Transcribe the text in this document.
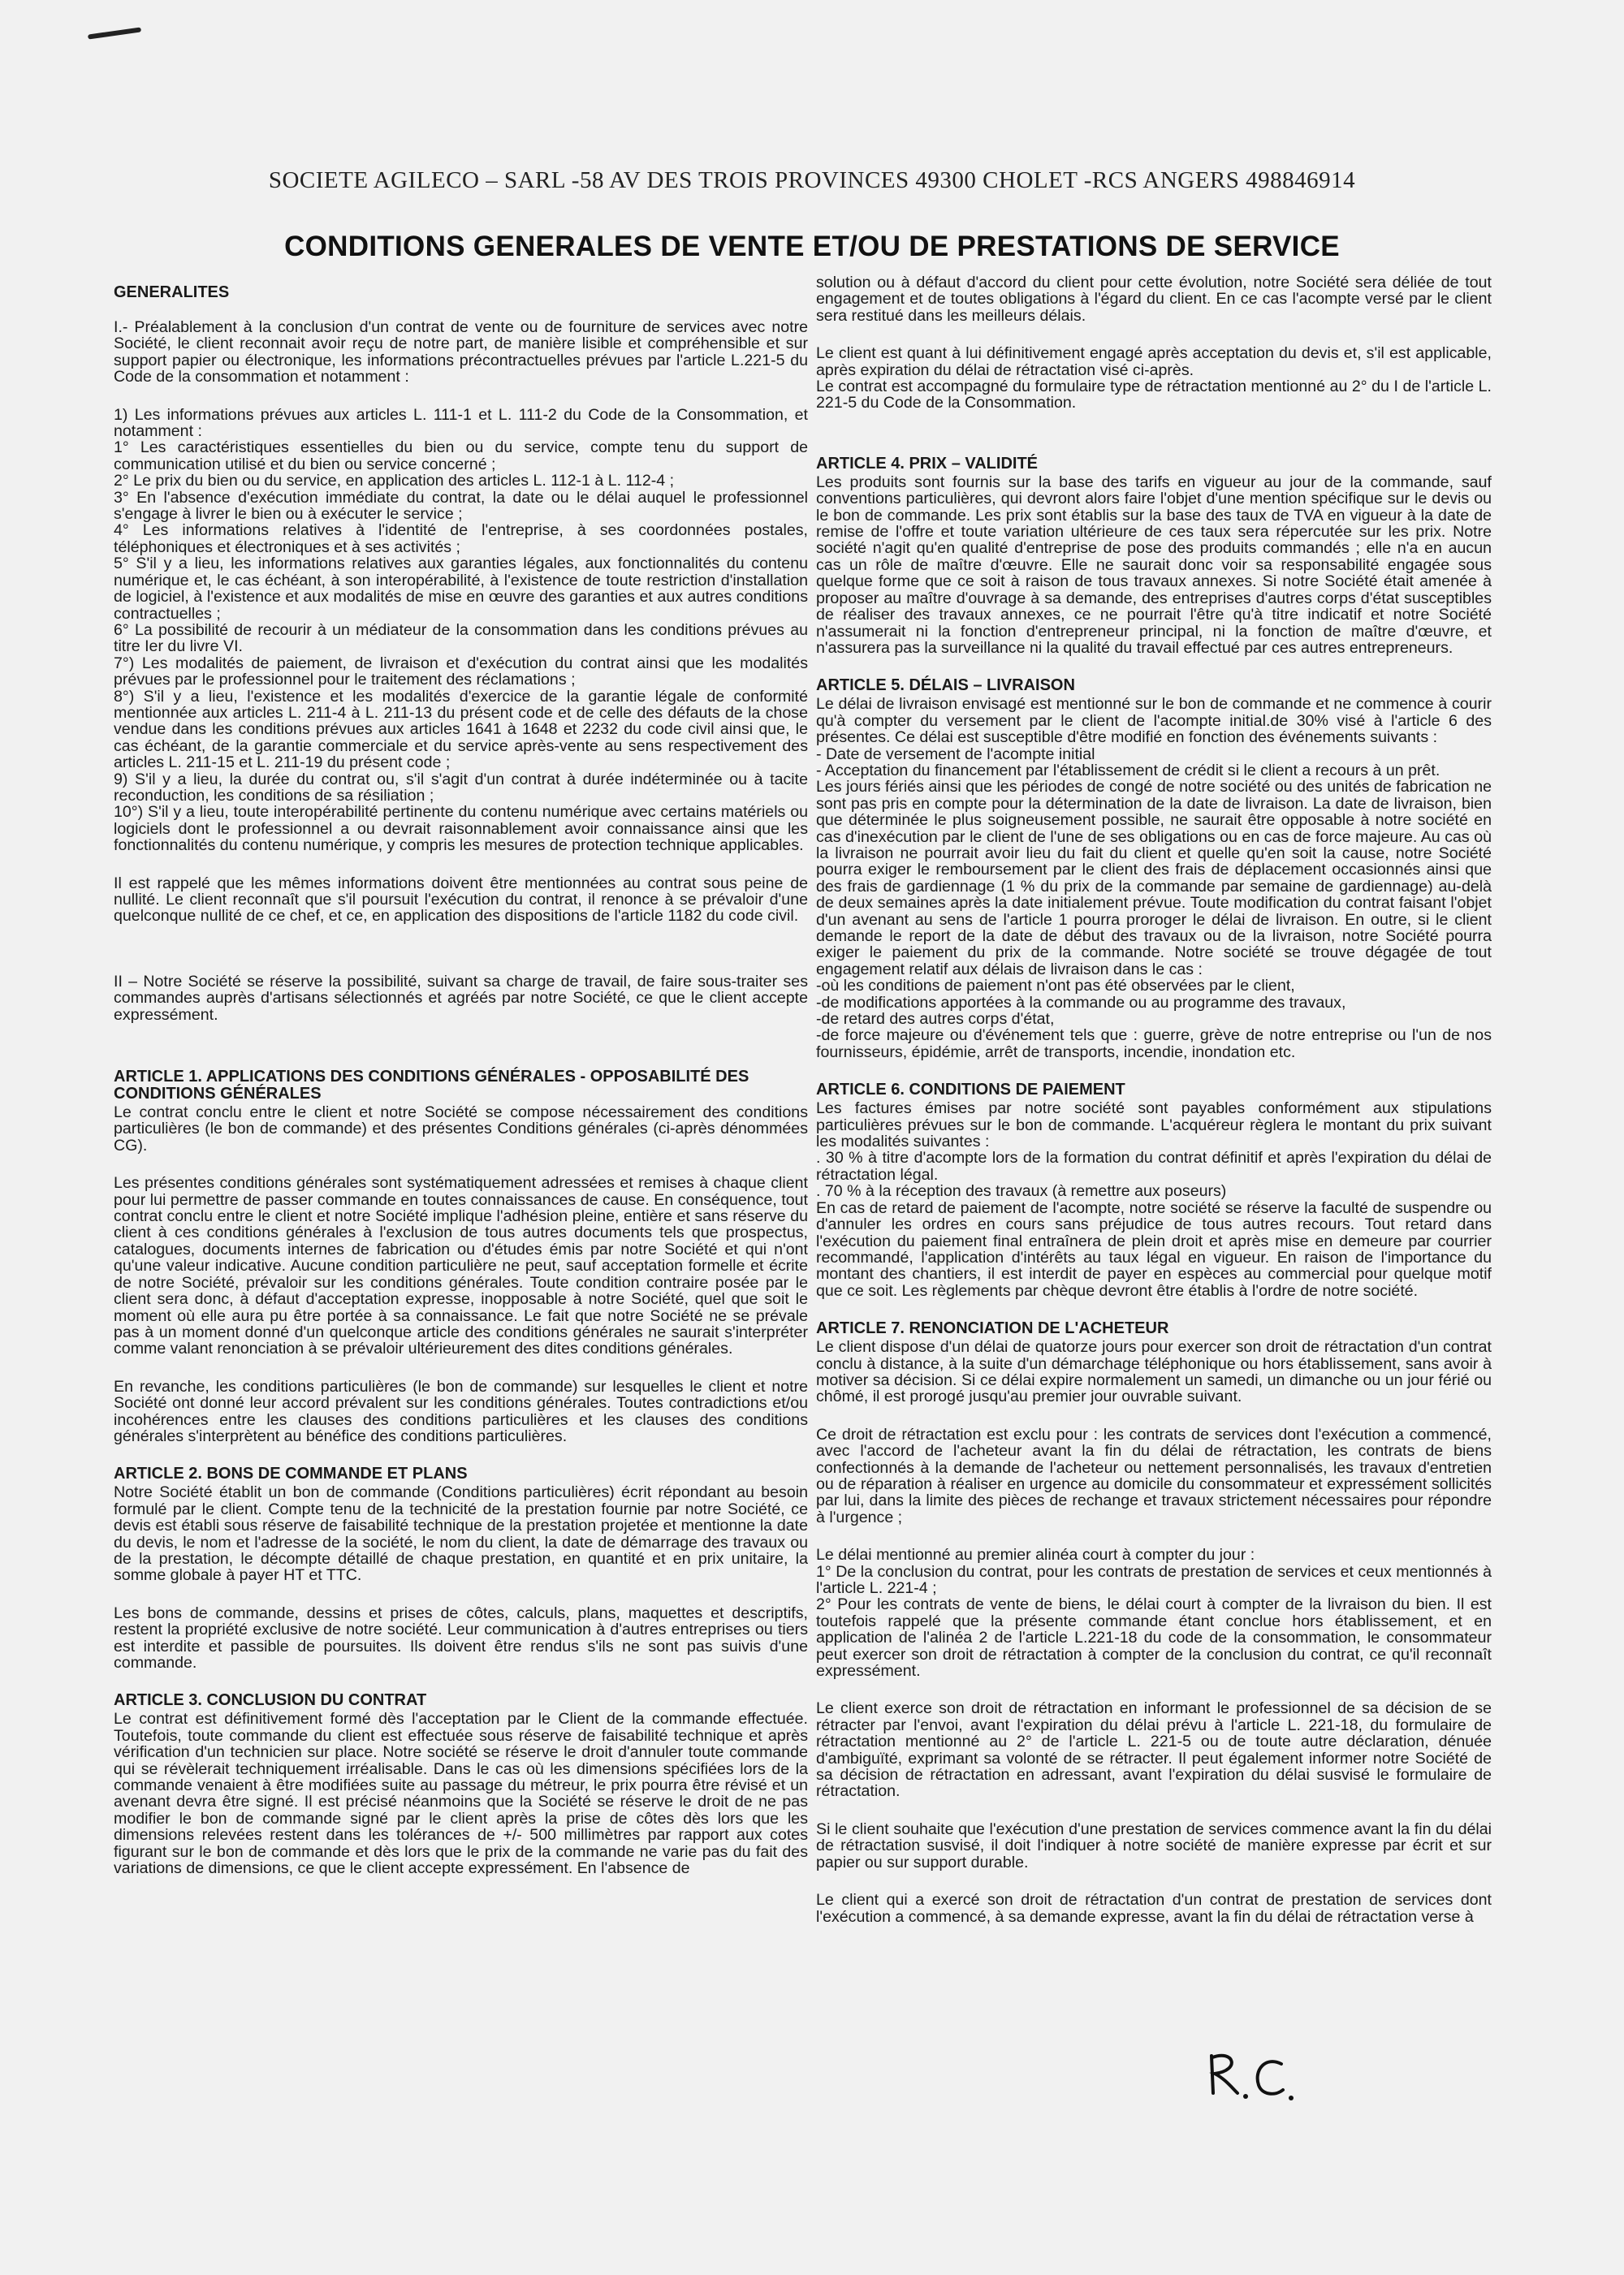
SOCIETE AGILECO – SARL -58 AV DES TROIS PROVINCES 49300 CHOLET -RCS ANGERS 498846914
CONDITIONS GENERALES DE VENTE ET/OU DE PRESTATIONS DE SERVICE
GENERALITES

I.- Préalablement à la conclusion d'un contrat de vente ou de fourniture de services avec notre Société, le client reconnait avoir reçu de notre part, de manière lisible et compréhensible et sur support papier ou électronique, les informations précontractuelles prévues par l'article L.221-5 du Code de la consommation et notamment :

1) Les informations prévues aux articles L. 111-1 et L. 111-2 du Code de la Consommation, et notamment :
1° Les caractéristiques essentielles du bien ou du service, compte tenu du support de communication utilisé et du bien ou service concerné ;
2° Le prix du bien ou du service, en application des articles L. 112-1 à L. 112-4 ;
3° En l'absence d'exécution immédiate du contrat, la date ou le délai auquel le professionnel s'engage à livrer le bien ou à exécuter le service ;
4° Les informations relatives à l'identité de l'entreprise, à ses coordonnées postales, téléphoniques et électroniques et à ses activités ;
5° S'il y a lieu, les informations relatives aux garanties légales, aux fonctionnalités du contenu numérique et, le cas échéant, à son interopérabilité, à l'existence de toute restriction d'installation de logiciel, à l'existence et aux modalités de mise en œuvre des garanties et aux autres conditions contractuelles ;
6° La possibilité de recourir à un médiateur de la consommation dans les conditions prévues au titre Ier du livre VI.
7°) Les modalités de paiement, de livraison et d'exécution du contrat ainsi que les modalités prévues par le professionnel pour le traitement des réclamations ;
8°) S'il y a lieu, l'existence et les modalités d'exercice de la garantie légale de conformité mentionnée aux articles L. 211-4 à L. 211-13 du présent code et de celle des défauts de la chose vendue dans les conditions prévues aux articles 1641 à 1648 et 2232 du code civil ainsi que, le cas échéant, de la garantie commerciale et du service après-vente au sens respectivement des articles L. 211-15 et L. 211-19 du présent code ;
9) S'il y a lieu, la durée du contrat ou, s'il s'agit d'un contrat à durée indéterminée ou à tacite reconduction, les conditions de sa résiliation ;
10°) S'il y a lieu, toute interopérabilité pertinente du contenu numérique avec certains matériels ou logiciels dont le professionnel a ou devrait raisonnablement avoir connaissance ainsi que les fonctionnalités du contenu numérique, y compris les mesures de protection technique applicables.

Il est rappelé que les mêmes informations doivent être mentionnées au contrat sous peine de nullité. Le client reconnaît que s'il poursuit l'exécution du contrat, il renonce à se prévaloir d'une quelconque nullité de ce chef, et ce, en application des dispositions de l'article 1182 du code civil.

II – Notre Société se réserve la possibilité, suivant sa charge de travail, de faire sous-traiter ses commandes auprès d'artisans sélectionnés et agréés par notre Société, ce que le client accepte expressément.

ARTICLE 1. APPLICATIONS DES CONDITIONS GÉNÉRALES - OPPOSABILITÉ DES CONDITIONS GÉNÉRALES

Le contrat conclu entre le client et notre Société se compose nécessairement des conditions particulières (le bon de commande) et des présentes Conditions générales (ci-après dénommées CG).

Les présentes conditions générales sont systématiquement adressées et remises à chaque client pour lui permettre de passer commande en toutes connaissances de cause. En conséquence, tout contrat conclu entre le client et notre Société implique l'adhésion pleine, entière et sans réserve du client à ces conditions générales à l'exclusion de tous autres documents tels que prospectus, catalogues, documents internes de fabrication ou d'études émis par notre Société et qui n'ont qu'une valeur indicative. Aucune condition particulière ne peut, sauf acceptation formelle et écrite de notre Société, prévaloir sur les conditions générales. Toute condition contraire posée par le client sera donc, à défaut d'acceptation expresse, inopposable à notre Société, quel que soit le moment où elle aura pu être portée à sa connaissance. Le fait que notre Société ne se prévale pas à un moment donné d'un quelconque article des conditions générales ne saurait s'interpréter comme valant renonciation à se prévaloir ultérieurement des dites conditions générales.

En revanche, les conditions particulières (le bon de commande) sur lesquelles le client et notre Société ont donné leur accord prévalent sur les conditions générales. Toutes contradictions et/ou incohérences entre les clauses des conditions particulières et les clauses des conditions générales s'interprètent au bénéfice des conditions particulières.

ARTICLE 2. BONS DE COMMANDE ET PLANS

Notre Société établit un bon de commande (Conditions particulières) écrit répondant au besoin formulé par le client. Compte tenu de la technicité de la prestation fournie par notre Société, ce devis est établi sous réserve de faisabilité technique de la prestation projetée et mentionne la date du devis, le nom et l'adresse de la société, le nom du client, la date de démarrage des travaux ou de la prestation, le décompte détaillé de chaque prestation, en quantité et en prix unitaire, la somme globale à payer HT et TTC.

Les bons de commande, dessins et prises de côtes, calculs, plans, maquettes et descriptifs, restent la propriété exclusive de notre société. Leur communication à d'autres entreprises ou tiers est interdite et passible de poursuites. Ils doivent être rendus s'ils ne sont pas suivis d'une commande.

ARTICLE 3. CONCLUSION DU CONTRAT

Le contrat est définitivement formé dès l'acceptation par le Client de la commande effectuée. Toutefois, toute commande du client est effectuée sous réserve de faisabilité technique et après vérification d'un technicien sur place. Notre société se réserve le droit d'annuler toute commande qui se révèlerait techniquement irréalisable. Dans le cas où les dimensions spécifiées lors de la commande venaient à être modifiées suite au passage du métreur, le prix pourra être révisé et un avenant devra être signé. Il est précisé néanmoins que la Société se réserve le droit de ne pas modifier le bon de commande signé par le client après la prise de côtes dès lors que les dimensions relevées restent dans les tolérances de +/- 500 millimètres par rapport aux cotes figurant sur le bon de commande et dès lors que le prix de la commande ne varie pas du fait des variations de dimensions, ce que le client accepte expressément. En l'absence de

solution ou à défaut d'accord du client pour cette évolution, notre Société sera déliée de tout engagement et de toutes obligations à l'égard du client. En ce cas l'acompte versé par le client sera restitué dans les meilleurs délais.

Le client est quant à lui définitivement engagé après acceptation du devis et, s'il est applicable, après expiration du délai de rétractation visé ci-après.
Le contrat est accompagné du formulaire type de rétractation mentionné au 2° du I de l'article L. 221-5 du Code de la Consommation.

ARTICLE 4. PRIX – VALIDITÉ

Les produits sont fournis sur la base des tarifs en vigueur au jour de la commande, sauf conventions particulières, qui devront alors faire l'objet d'une mention spécifique sur le devis ou le bon de commande. Les prix sont établis sur la base des taux de TVA en vigueur à la date de remise de l'offre et toute variation ultérieure de ces taux sera répercutée sur les prix. Notre société n'agit qu'en qualité d'entreprise de pose des produits commandés ; elle n'a en aucun cas un rôle de maître d'œuvre. Elle ne saurait donc voir sa responsabilité engagée sous quelque forme que ce soit à raison de tous travaux annexes. Si notre Société était amenée à proposer au maître d'ouvrage à sa demande, des entreprises d'autres corps d'état susceptibles de réaliser des travaux annexes, ce ne pourrait l'être qu'à titre indicatif et notre Société n'assumerait ni la fonction d'entrepreneur principal, ni la fonction de maître d'œuvre, et n'assurera pas la surveillance ni la qualité du travail effectué par ces autres entrepreneurs.

ARTICLE 5. DÉLAIS – LIVRAISON

Le délai de livraison envisagé est mentionné sur le bon de commande et ne commence à courir qu'à compter du versement par le client de l'acompte initial.de 30% visé à l'article 6 des présentes. Ce délai est susceptible d'être modifié en fonction des événements suivants :
- Date de versement de l'acompte initial
- Acceptation du financement par l'établissement de crédit si le client a recours à un prêt.
Les jours fériés ainsi que les périodes de congé de notre société ou des unités de fabrication ne sont pas pris en compte pour la détermination de la date de livraison. La date de livraison, bien que déterminée le plus soigneusement possible, ne saurait être opposable à notre société en cas d'inexécution par le client de l'une de ses obligations ou en cas de force majeure. Au cas où la livraison ne pourrait avoir lieu du fait du client et quelle qu'en soit la cause, notre Société pourra exiger le remboursement par le client des frais de déplacement occasionnés ainsi que des frais de gardiennage (1 % du prix de la commande par semaine de gardiennage) au-delà de deux semaines après la date initialement prévue. Toute modification du contrat faisant l'objet d'un avenant au sens de l'article 1 pourra proroger le délai de livraison. En outre, si le client demande le report de la date de début des travaux ou de la livraison, notre Société pourra exiger le paiement du prix de la commande. Notre société se trouve dégagée de tout engagement relatif aux délais de livraison dans le cas :
-où les conditions de paiement n'ont pas été observées par le client,
-de modifications apportées à la commande ou au programme des travaux,
-de retard des autres corps d'état,
-de force majeure ou d'événement tels que : guerre, grève de notre entreprise ou l'un de nos fournisseurs, épidémie, arrêt de transports, incendie, inondation etc.

ARTICLE 6. CONDITIONS DE PAIEMENT

Les factures émises par notre société sont payables conformément aux stipulations particulières prévues sur le bon de commande. L'acquéreur règlera le montant du prix suivant les modalités suivantes :
. 30 % à titre d'acompte lors de la formation du contrat définitif et après l'expiration du délai de rétractation légal.
. 70 % à la réception des travaux (à remettre aux poseurs)
En cas de retard de paiement de l'acompte, notre société se réserve la faculté de suspendre ou d'annuler les ordres en cours sans préjudice de tous autres recours. Tout retard dans l'exécution du paiement final entraînera de plein droit et après mise en demeure par courrier recommandé, l'application d'intérêts au taux légal en vigueur. En raison de l'importance du montant des chantiers, il est interdit de payer en espèces au commercial pour quelque motif que ce soit. Les règlements par chèque devront être établis à l'ordre de notre société.

ARTICLE 7. RENONCIATION DE L'ACHETEUR

Le client dispose d'un délai de quatorze jours pour exercer son droit de rétractation d'un contrat conclu à distance, à la suite d'un démarchage téléphonique ou hors établissement, sans avoir à motiver sa décision. Si ce délai expire normalement un samedi, un dimanche ou un jour férié ou chômé, il est prorogé jusqu'au premier jour ouvrable suivant.

Ce droit de rétractation est exclu pour : les contrats de services dont l'exécution a commencé, avec l'accord de l'acheteur avant la fin du délai de rétractation, les contrats de biens confectionnés à la demande de l'acheteur ou nettement personnalisés, les travaux d'entretien ou de réparation à réaliser en urgence au domicile du consommateur et expressément sollicités par lui, dans la limite des pièces de rechange et travaux strictement nécessaires pour répondre à l'urgence ;

Le délai mentionné au premier alinéa court à compter du jour :
1° De la conclusion du contrat, pour les contrats de prestation de services et ceux mentionnés à l'article L. 221-4 ;
2° Pour les contrats de vente de biens, le délai court à compter de la livraison du bien. Il est toutefois rappelé que la présente commande étant conclue hors établissement, et en application de l'alinéa 2 de l'article L.221-18 du code de la consommation, le consommateur peut exercer son droit de rétractation à compter de la conclusion du contrat, ce qu'il reconnaît expressément.

Le client exerce son droit de rétractation en informant le professionnel de sa décision de se rétracter par l'envoi, avant l'expiration du délai prévu à l'article L. 221-18, du formulaire de rétractation mentionné au 2° de l'article L. 221-5 ou de toute autre déclaration, dénuée d'ambiguïté, exprimant sa volonté de se rétracter. Il peut également informer notre Société de sa décision de rétractation en adressant, avant l'expiration du délai susvisé le formulaire de rétractation.

Si le client souhaite que l'exécution d'une prestation de services commence avant la fin du délai de rétractation susvisé, il doit l'indiquer à notre société de manière expresse par écrit et sur papier ou sur support durable.

Le client qui a exercé son droit de rétractation d'un contrat de prestation de services dont l'exécution a commencé, à sa demande expresse, avant la fin du délai de rétractation verse à
